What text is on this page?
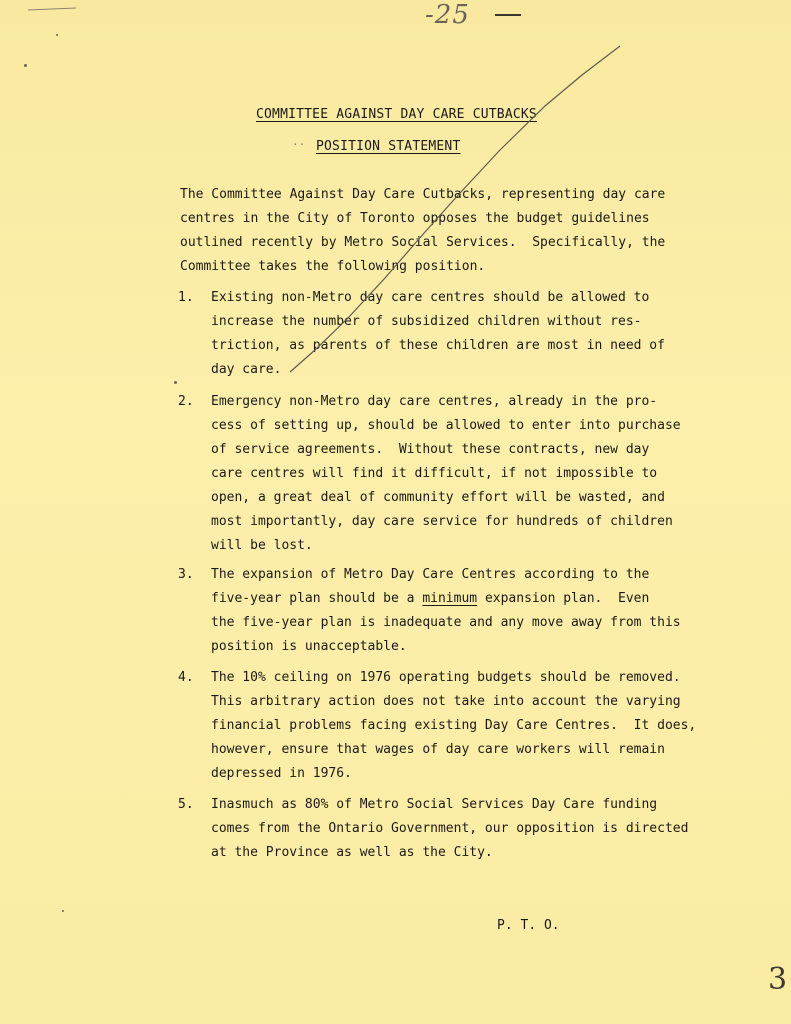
-25
COMMITTEE AGAINST DAY CARE CUTBACKS
·· POSITION STATEMENT

The Committee Against Day Care Cutbacks, representing day care
centres in the City of Toronto opposes the budget guidelines
outlined recently by Metro Social Services.  Specifically, the
Committee takes the following position.

1. Existing non-Metro day care centres should be allowed to
increase the number of subsidized children without res-
triction, as parents of these children are most in need of
day care.
2. Emergency non-Metro day care centres, already in the pro-
cess of setting up, should be allowed to enter into purchase
of service agreements.  Without these contracts, new day
care centres will find it difficult, if not impossible to
open, a great deal of community effort will be wasted, and
most importantly, day care service for hundreds of children
will be lost.
3. The expansion of Metro Day Care Centres according to the
five-year plan should be a minimum expansion plan.  Even
the five-year plan is inadequate and any move away from this
position is unacceptable.
4. The 10% ceiling on 1976 operating budgets should be removed.
This arbitrary action does not take into account the varying
financial problems facing existing Day Care Centres.  It does,
however, ensure that wages of day care workers will remain
depressed in 1976.
5. Inasmuch as 80% of Metro Social Services Day Care funding
comes from the Ontario Government, our opposition is directed
at the Province as well as the City.
P. T. O.
3
